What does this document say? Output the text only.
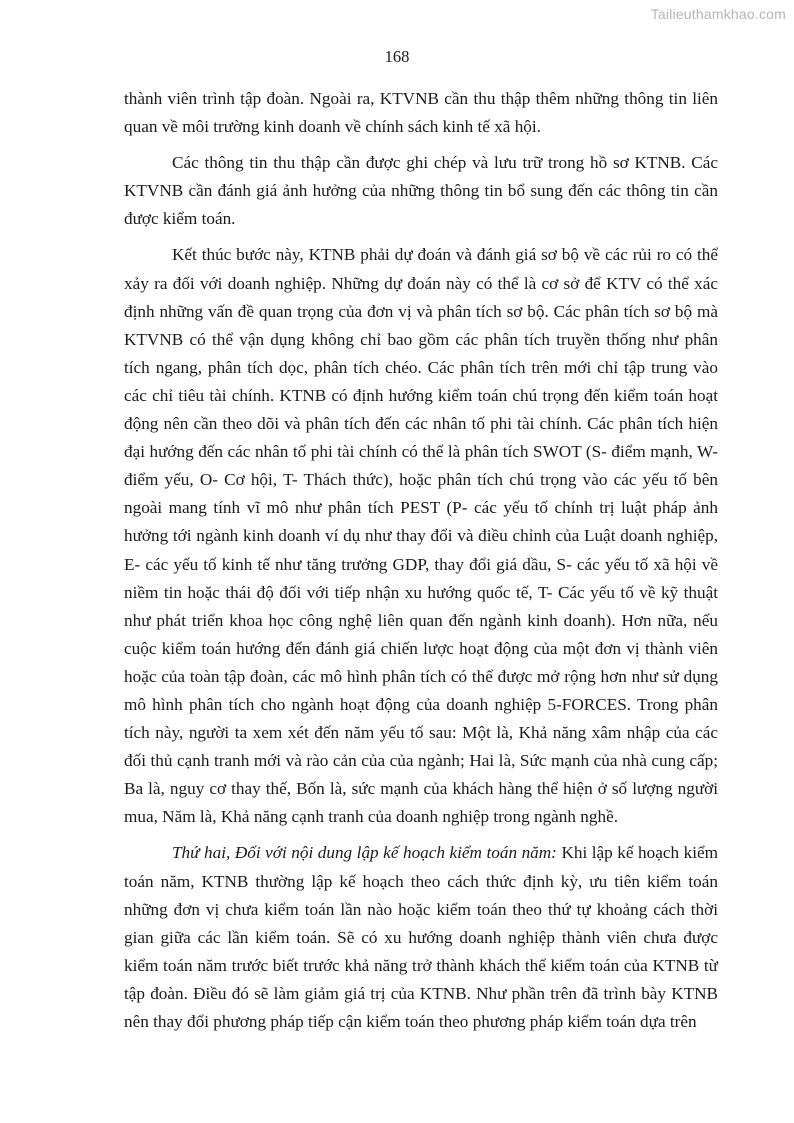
Tailieuthamkhao.com
168

thành viên trình tập đoàn. Ngoài ra, KTVNB cần thu thập thêm những thông tin liên quan về môi trường kinh doanh về chính sách kinh tế xã hội.

Các thông tin thu thập cần được ghi chép và lưu trữ trong hồ sơ KTNB. Các KTVNB cần đánh giá ảnh hưởng của những thông tin bổ sung đến các thông tin cần được kiểm toán.

Kết thúc bước này, KTNB phải dự đoán và đánh giá sơ bộ về các rủi ro có thể xảy ra đối với doanh nghiệp. Những dự đoán này có thể là cơ sở để KTV có thể xác định những vấn đề quan trọng của đơn vị và phân tích sơ bộ. Các phân tích sơ bộ mà KTVNB có thể vận dụng không chỉ bao gồm các phân tích truyền thống như phân tích ngang, phân tích dọc, phân tích chéo. Các phân tích trên mới chỉ tập trung vào các chỉ tiêu tài chính. KTNB có định hướng kiểm toán chú trọng đến kiểm toán hoạt động nên cần theo dõi và phân tích đến các nhân tố phi tài chính. Các phân tích hiện đại hướng đến các nhân tố phi tài chính có thể là phân tích SWOT (S- điểm mạnh, W- điểm yếu, O- Cơ hội, T- Thách thức), hoặc phân tích chú trọng vào các yếu tố bên ngoài mang tính vĩ mô như phân tích PEST (P- các yếu tố chính trị luật pháp ảnh hưởng tới ngành kinh doanh ví dụ như thay đổi và điều chỉnh của Luật doanh nghiệp, E- các yếu tố kinh tế như tăng trưởng GDP, thay đổi giá dầu, S- các yếu tố xã hội về niềm tin hoặc thái độ đối với tiếp nhận xu hướng quốc tế, T- Các yếu tố về kỹ thuật như phát triển khoa học công nghệ liên quan đến ngành kinh doanh). Hơn nữa, nếu cuộc kiểm toán hướng đến đánh giá chiến lược hoạt động của một đơn vị thành viên hoặc của toàn tập đoàn, các mô hình phân tích có thể được mở rộng hơn như sử dụng mô hình phân tích cho ngành hoạt động của doanh nghiệp 5-FORCES. Trong phân tích này, người ta xem xét đến năm yếu tố sau: Một là, Khả năng xâm nhập của các đối thủ cạnh tranh mới và rào cản của của ngành; Hai là, Sức mạnh của nhà cung cấp; Ba là, nguy cơ thay thế, Bốn là, sức mạnh của khách hàng thể hiện ở số lượng người mua, Năm là, Khả năng cạnh tranh của doanh nghiệp trong ngành nghề.

Thứ hai, Đối với nội dung lập kế hoạch kiểm toán năm: Khi lập kế hoạch kiểm toán năm, KTNB thường lập kế hoạch theo cách thức định kỳ, ưu tiên kiểm toán những đơn vị chưa kiểm toán lần nào hoặc kiểm toán theo thứ tự khoảng cách thời gian giữa các lần kiểm toán. Sẽ có xu hướng doanh nghiệp thành viên chưa được kiểm toán năm trước biết trước khả năng trở thành khách thể kiểm toán của KTNB từ tập đoàn. Điều đó sẽ làm giảm giá trị của KTNB. Như phần trên đã trình bày KTNB nên thay đổi phương pháp tiếp cận kiểm toán theo phương pháp kiểm toán dựa trên
